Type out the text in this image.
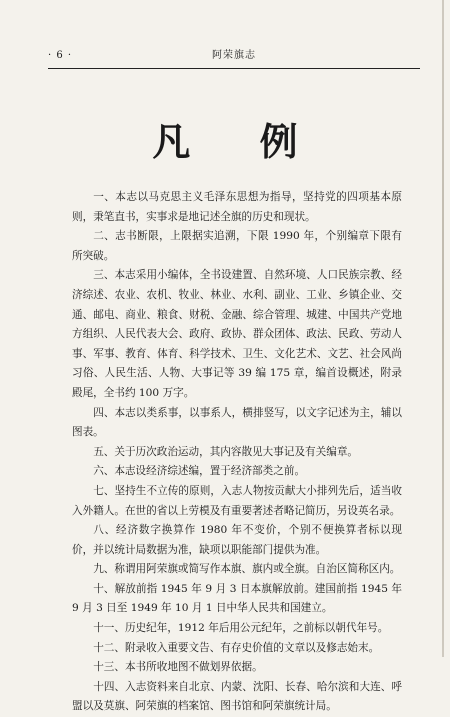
· 6 ·	阿荣旗志
凡 例

一、本志以马克思主义毛泽东思想为指导，坚持党的四项基本原则，秉笔直书，实事求是地记述全旗的历史和现状。

二、志书断限，上限据实追溯，下限 1990 年，个别编章下限有所突破。

三、本志采用小编体，全书设建置、自然环境、人口民族宗教、经济综述、农业、农机、牧业、林业、水利、副业、工业、乡镇企业、交通、邮电、商业、粮食、财税、金融、综合管理、城建、中国共产党地方组织、人民代表大会、政府、政协、群众团体、政法、民政、劳动人事、军事、教育、体育、科学技术、卫生、文化艺术、文艺、社会风尚习俗、人民生活、人物、大事记等 39 编 175 章，编首设概述，附录殿尾，全书约 100 万字。

四、本志以类系事，以事系人，横排竖写，以文字记述为主，辅以图表。

五、关于历次政治运动，其内容散见大事记及有关编章。

六、本志设经济综述编，置于经济部类之前。

七、坚持生不立传的原则，入志人物按贡献大小排列先后，适当收入外籍人。在世的省以上劳模及有重要著述者略记简历，另设英名录。

八、经济数字换算作 1980 年不变价，个别不便换算者标以现价，并以统计局数据为准，缺项以职能部门提供为准。

九、称谓用阿荣旗或简写作本旗、旗内或全旗。自治区简称区内。

十、解放前指 1945 年 9 月 3 日本旗解放前。建国前指 1945 年 9 月 3 日至 1949 年 10 月 1 日中华人民共和国建立。

十一、历史纪年，1912 年后用公元纪年，之前标以朝代年号。

十二、附录收入重要文告、有存史价值的文章以及修志始末。

十三、本书所收地图不做划界依据。

十四、入志资料来自北京、内蒙、沈阳、长春、哈尔滨和大连、呼盟以及莫旗、阿荣旗的档案馆、图书馆和阿荣旗统计局。
